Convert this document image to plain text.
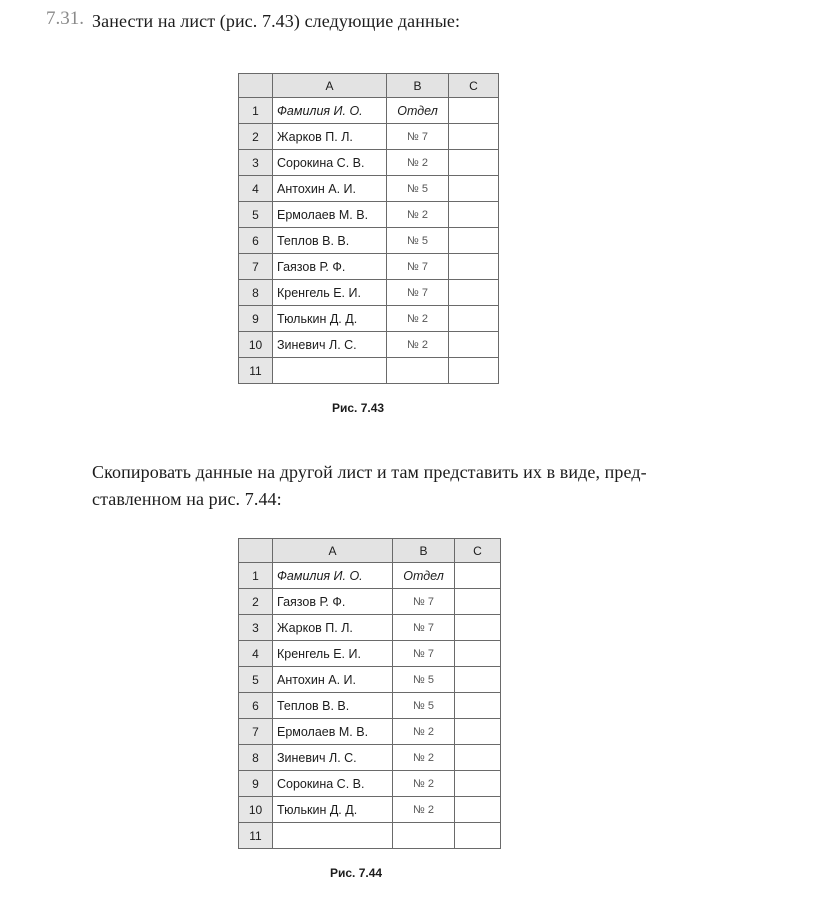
7.31. Занести на лист (рис. 7.43) следующие данные:
	A	B	C
1	Фамилия И. О.	Отдел	
2	Жарков П. Л.	№ 7	
3	Сорокина С. В.	№ 2	
4	Антохин А. И.	№ 5	
5	Ермолаев М. В.	№ 2	
6	Теплов В. В.	№ 5	
7	Гаязов Р. Ф.	№ 7	
8	Кренгель Е. И.	№ 7	
9	Тюлькин Д. Д.	№ 2	
10	Зиневич Л. С.	№ 2	
11			
Рис. 7.43
Скопировать данные на другой лист и там представить их в виде, пред-
ставленном на рис. 7.44:
	A	B	C
1	Фамилия И. О.	Отдел	
2	Гаязов Р. Ф.	№ 7	
3	Жарков П. Л.	№ 7	
4	Кренгель Е. И.	№ 7	
5	Антохин А. И.	№ 5	
6	Теплов В. В.	№ 5	
7	Ермолаев М. В.	№ 2	
8	Зиневич Л. С.	№ 2	
9	Сорокина С. В.	№ 2	
10	Тюлькин Д. Д.	№ 2	
11			
Рис. 7.44
